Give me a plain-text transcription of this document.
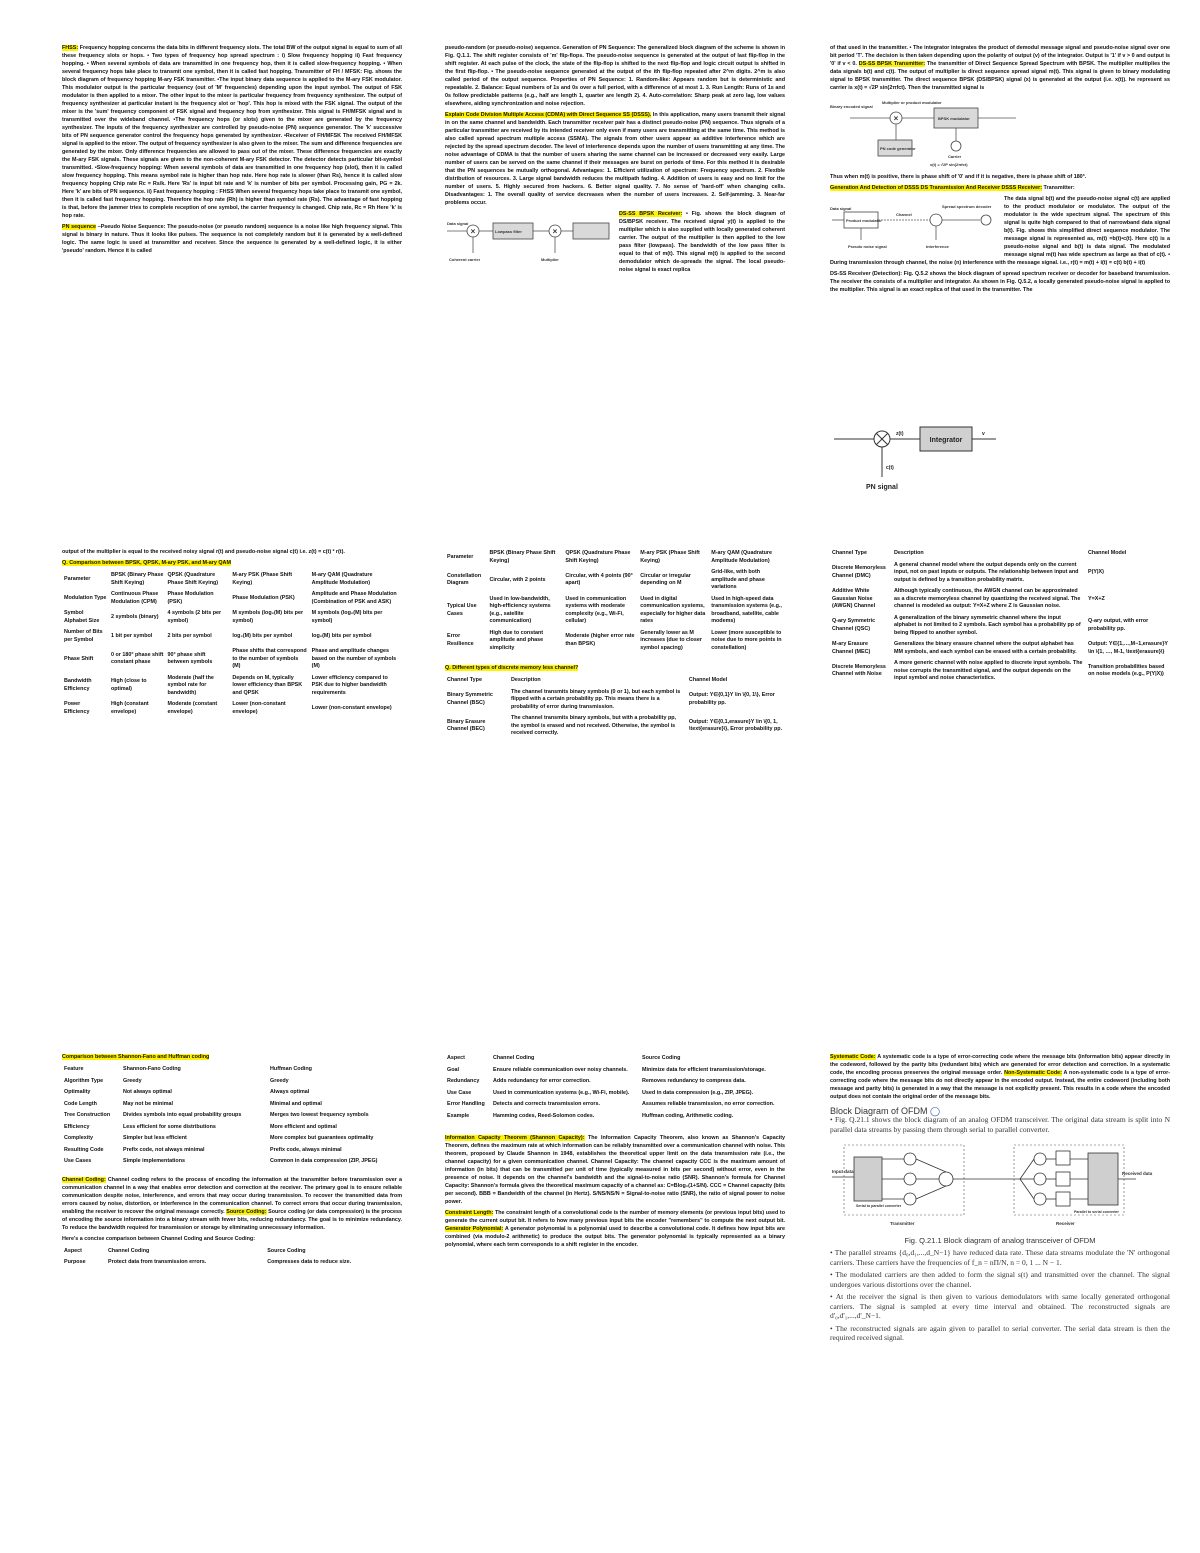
FHSS: Frequency hopping concerns the data bits in different frequency slots. The total BW of the output signal is equal to sum of all these frequency slots or hops. • Two types of frequency hop spread spectrum : i) Slow frequency hopping ii) Fast frequency hopping. • When several symbols of data are transmitted in one frequency hop, then it is called slow-frequency hopping. • When several frequency hops take place to transmit one symbol, then it is called fast hopping. Transmitter of FH / MFSK: Fig. shows the block diagram of frequency hopping M-ary FSK transmitter. •The input binary data sequence is applied to the M-ary FSK modulator. This modulator output is the particular frequency (out of 'M' frequencies) depending upon the input symbol. The output of FSK modulator is then applied to a mixer. The other input to the mixer is particular frequency from frequency synthesizer. The output of frequency synthesizer at particular instant is the frequency slot or 'hop'. This hop is mixed with the FSK signal. The output of the mixer is the 'sum' frequency component of FSK signal and frequency hop from synthesizer. This signal is FH/MFSK signal and is transmitted over the wideband channel. •The frequency hops (or slots) given to the mixer are generated by the frequency synthesizer. The inputs of the frequency synthesizer are controlled by pseudo-noise (PN) sequence generator. The 'k' successive bits of PN sequence generator control the frequency hops generated by synthesizer. •Receiver of FH/MFSK The received FH/MFSK signal is applied to the mixer. The output of frequency synthesizer is also given to the mixer. The sum and difference frequencies are generated by the mixer. Only difference frequencies are allowed to pass out of the mixer. These difference frequencies are exactly the M-ary FSK signals. These signals are given to the non-coherent M-ary FSK detector. The detector detects particular bit-symbol transmitted. •Slow-frequency hopping: When several symbols of data are transmitted in one frequency hop (slot), then it is called slow frequency hopping. This means symbol rate is higher than hop rate. Here hop rate is slower (than Rs), hence it is called slow frequency hopping Chip rate Rc = Rs/k. Here 'Rs' is input bit rate and 'k' is number of bits per symbol. Processing gain, PG = 2k. Here 'k' are bits of PN sequence. ii) Fast frequency hopping : FHSS When several frequency hops take place to transmit one symbol, then it is called fast frequency hopping. Therefore the hop rate (Rh) is higher than symbol rate (Rs). The advantage of fast hopping is that, before the jammer tries to complete reception of one symbol, the carrier frequency is changed. Chip rate, Rc = Rh Here 'k' is hop rate.

PN sequence –Pseudo Noise Sequence: The pseudo-noise (or pseudo random) sequence is a noise like high frequency signal. This signal is binary in nature. Thus it looks like pulses. The sequence is not completely random but it is generated by a well-defined logic. The same logic is used at transmitter and receiver. Since the sequence is generated by a well-defined logic, it is either 'pseudo' random. Hence it is called

pseudo-random (or pseudo-noise) sequence. Generation of PN Sequence: The generalized block diagram of the scheme is shown in Fig. Q.1.1. The shift register consists of 'm' flip-flops. The pseudo-noise sequence is generated at the output of last flip-flop in the shift register. At each pulse of the clock, the state of the flip-flop is shifted to the next flip-flop and logic circuit output is shifted in the first flip-flop. • The pseudo-noise sequence generated at the output of the ith flip-flop repeated after 2^m digits. 2^m is also called period of the output sequence. Properties of PN Sequence: 1. Random-like: Appears random but is deterministic and repeatable. 2. Balance: Equal numbers of 1s and 0s over a full period, with a difference of at most 1. 3. Run Length: Runs of 1s and 0s follow predictable patterns (e.g., half are length 1, quarter are length 2). 4. Auto-correlation: Sharp peak at zero lag, low values elsewhere, aiding synchronization and noise rejection.

Explain Code Division Multiple Access (CDMA) with Direct Sequence SS (DSSS). In this application, many users transmit their signal in on the same channel and bandwidth. Each transmitter receiver pair has a distinct pseudo-noise (PN) sequence. Thus signals of a particular transmitter are received by its intended receiver only even if many users are transmitting at the same time. This method is also called spread spectrum multiple access (SSMA). The signals from other users appear as additive interference which are rejected by the spread spectrum decoder. The level of interference depends upon the number of users transmitting at any time. The noise advantage of CDMA is that the number of users sharing the same channel can be increased or decreased very easily. Large number of users can be served on the same channel if their messages are burst on periods of time. For this method it is desirable that the PN sequences be mutually orthogonal. Advantages: 1. Efficient utilization of spectrum: Frequency spectrum. 2. Flexible distribution of resources. 3. Large signal bandwidth reduces the multipath fading. 4. Addition of users is easy and no limit for the number of users. 5. Highly secured from hackers. 6. Better signal quality. 7. No sense of 'hard-off' when changing cells. Disadvantages: 1. The overall quality of service decreases when the number of users increases. 2. Self-jamming. 3. Near-far problems occur.

×	×
Data signal
Coherent carrier
Lowpass filter
Multiplier

DS-SS BPSK Receiver: • Fig. shows the block diagram of DS/BPSK receiver. The received signal y(t) is applied to the multiplier which is also supplied with locally generated coherent carrier. The output of the multiplier is then applied to the low pass filter (lowpass). The bandwidth of the low pass filter is equal to that of m(t). This signal m(t) is applied to the second demodulator which de-spreads the signal. The local pseudo-noise signal is exact replica

of that used in the transmitter. • The integrator integrates the product of demodul message signal and pseudo-noise signal over one bit period 'T'. The decision is then taken depending upon the polarity of output (v) of the integrator. Output is '1' if v > 0 and output is '0' if v < 0. DS-SS BPSK Transmitter: The transmitter of Direct Sequence Spread Spectrum with BPSK. The multiplier multiplies the data signals b(t) and c(t). The output of multiplier is direct sequence spread signal m(t). This signal is given to binary modulating signal to BPSK transmitter. The direct sequence BPSK (DS/BPSK) signal (x) is generated at the output (i.e. x(t)). he represent ss carrier is x(t) = √2P sin(2πfct). Then the transmitted signal is

×
Binary encoded signal
Multiplier or product modulator
BPSK modulator
PN code generator
Carrier
x(t) = √2P sin(2πfct)

Thus when m(t) is positive, there is phase shift of '0' and if it is negative, there is phase shift of 180°.

Generation And Detection of DSSS DS Transmission And Receiver DSSS Receiver: Transmitter:

Data signal
Product modulator
Pseudo noise signal
Channel
Interference
Spread spectrum decoder

The data signal b(t) and the pseudo-noise signal c(t) are applied to the product modulator or modulator. The output of the modulator is the wide spectrum signal. The spectrum of this signal is quite high compared to that of narrowband data signal b(t). Fig. shows this simplified direct sequence modulator. The message signal is represented as, m(t) =b(t)•c(t). Here c(t) is a pseudo-noise signal and b(t) is data signal. The modulated message signal m(t) has wide spectrum as large as that of c(t). • During transmission through channel, the noise (n) interference with the message signal. i.e., r(t) = m(t) + i(t) = c(t) b(t) + i(t)

DS-SS Receiver (Detection): Fig. Q.5.2 shows the block diagram of spread spectrum receiver or decoder for baseband transmission. The receiver the consists of a multiplier and integrator. As shown in Fig. Q.5.2, a locally generated pseudo-noise signal is applied to the multiplier. This signal is an exact replica of that used in the transmitter. The

Integrator
z(t)	v
c(t)
PN signal

output of the multiplier is equal to the received noisy signal r(t) and pseudo-noise signal c(t) i.e. z(t) = c(t) ² r(t).

Q. Comparison between BPSK, QPSK, M-ary PSK, and M-ary QAM

Parameter	BPSK (Binary Phase Shift Keying)	QPSK (Quadrature Phase Shift Keying)	M-ary PSK (Phase Shift Keying)	M-ary QAM (Quadrature Amplitude Modulation)
Modulation Type	Continuous Phase Modulation (CPM)	Phase Modulation (PSK)	Phase Modulation (PSK)	Amplitude and Phase Modulation (Combination of PSK and ASK)
Symbol Alphabet Size	2 symbols (binary)	4 symbols (2 bits per symbol)	M symbols (log₂(M) bits per symbol)	M symbols (log₂(M) bits per symbol)
Number of Bits per Symbol	1 bit per symbol	2 bits per symbol	log₂(M) bits per symbol	log₂(M) bits per symbol
Phase Shift	0 or 180° phase shift constant phase	90° phase shift between symbols	Phase shifts that correspond to the number of symbols (M)	Phase and amplitude changes based on the number of symbols (M)
Bandwidth Efficiency	High (close to optimal)	Moderate (half the symbol rate for bandwidth)	Depends on M, typically lower efficiency than BPSK and QPSK	Lower efficiency compared to PSK due to higher bandwidth requirements
Power Efficiency	High (constant envelope)	Moderate (constant envelope)	Lower (non-constant envelope)	Lower (non-constant envelope)
Parameter	BPSK (Binary Phase Shift Keying)	QPSK (Quadrature Phase Shift Keying)	M-ary PSK (Phase Shift Keying)	M-ary QAM (Quadrature Amplitude Modulation)
Constellation Diagram	Circular, with 2 points	Circular, with 4 points (90° apart)	Circular or irregular depending on M	Grid-like, with both amplitude and phase variations
Typical Use Cases	Used in low-bandwidth, high-efficiency systems (e.g., satellite communication)	Used in communication systems with moderate complexity (e.g., Wi-Fi, cellular)	Used in digital communication systems, especially for higher data rates	Used in high-speed data transmission systems (e.g., broadband, satellite, cable modems)
Error Resilience	High due to constant amplitude and phase simplicity	Moderate (higher error rate than BPSK)	Generally lower as M increases (due to closer symbol spacing)	Lower (more susceptible to noise due to more points in constellation)

Q. Different types of discrete memory less channel?

Channel Type	Description	Channel Model
Binary Symmetric Channel (BSC)	The channel transmits binary symbols (0 or 1), but each symbol is flipped with a certain probability pp. This means there is a probability of error during transmission.	Output: Y∈{0,1}Y \in \{0, 1\}, Error probability pp.
Binary Erasure Channel (BEC)	The channel transmits binary symbols, but with a probability pp, the symbol is erased and not received. Otherwise, the symbol is received correctly.	Output: Y∈{0,1,erasure}Y \in \{0, 1, \text{erasure}\}, Error probability pp.
Channel Type	Description	Channel Model
Discrete Memoryless Channel (DMC)	A general channel model where the output depends only on the current input, not on past inputs or outputs. The relationship between input and output is defined by a transition probability matrix.	P(Y|X)
Additive White Gaussian Noise (AWGN) Channel	Although typically continuous, the AWGN channel can be approximated as a discrete memoryless channel by quantizing the received signal. The channel is modeled as output: Y=X+Z where Z is Gaussian noise.	Y=X+Z
Q-ary Symmetric Channel (QSC)	A generalization of the binary symmetric channel where the input alphabet is not limited to 2 symbols. Each symbol has a probability pp of being flipped to another symbol.	Q-ary output, with error probability pp.
M-ary Erasure Channel (MEC)	Generalizes the binary erasure channel where the output alphabet has MM symbols, and each symbol can be erased with a certain probability.	Output: Y∈{1,…,M−1,erasure}Y \in \{1, …, M-1, \text{erasure}\}
Discrete Memoryless Channel with Noise	A more generic channel with noise applied to discrete input symbols. The noise corrupts the transmitted signal, and the output depends on the input symbol and noise characteristics.	Transition probabilities based on noise models (e.g., P(Y|X))

Comparison between Shannon-Fano and Huffman coding

Feature	Shannon-Fano Coding	Huffman Coding
Algorithm Type	Greedy	Greedy
Optimality	Not always optimal	Always optimal
Code Length	May not be minimal	Minimal and optimal
Tree Construction	Divides symbols into equal probability groups	Merges two lowest frequency symbols
Efficiency	Less efficient for some distributions	More efficient and optimal
Complexity	Simpler but less efficient	More complex but guarantees optimality
Resulting Code	Prefix code, not always minimal	Prefix code, always minimal
Use Cases	Simple implementations	Common in data compression (ZIP, JPEG)

Channel Coding: Channel coding refers to the process of encoding the information at the transmitter before transmission over a communication channel in a way that enables error detection and correction at the receiver. The primary goal is to ensure reliable communication despite noise, interference, and errors that may occur during transmission. To recover the transmitted data from errors caused by noise, distortion, or interference in the communication channel. To correct errors that occur during transmission, enabling the receiver to recover the original message correctly. Source Coding: Source coding (or data compression) is the process of encoding the source information into a binary stream with fewer bits, reducing redundancy. The goal is to minimize redundancy. To reduce the bandwidth required for transmission or storage by eliminating unnecessary information.

Here's a concise comparison between Channel Coding and Source Coding:

Aspect	Channel Coding	Source Coding
Purpose	Protect data from transmission errors.	Compresses data to reduce size.
Aspect	Channel Coding	Source Coding
Goal	Ensure reliable communication over noisy channels.	Minimize data for efficient transmission/storage.
Redundancy	Adds redundancy for error correction.	Removes redundancy to compress data.
Use Case	Used in communication systems (e.g., Wi-Fi, mobile).	Used in data compression (e.g., ZIP, JPEG).
Error Handling	Detects and corrects transmission errors.	Assumes reliable transmission, no error correction.
Example	Hamming codes, Reed-Solomon codes.	Huffman coding, Arithmetic coding.

Information Capacity Theorem (Shannon Capacity): The Information Capacity Theorem, also known as Shannon's Capacity Theorem, defines the maximum rate at which information can be reliably transmitted over a communication channel with noise. This theorem, proposed by Claude Shannon in 1948, establishes the theoretical upper limit on the data transmission rate (i.e., the channel capacity) for a given communication channel. Channel Capacity: The channel capacity CCC is the maximum amount of information (in bits) that can be transmitted per unit of time (typically measured in bits per second) without error, even in the presence of noise. It depends on the channel's bandwidth and the signal-to-noise ratio (SNR). Shannon's formula for Channel Capacity: Shannon's formula gives the theoretical maximum capacity of a channel as: C=Blog₂(1+S/N). CCC = Channel capacity (bits per second). BBB = Bandwidth of the channel (in Hertz). S/NS/NS/N = Signal-to-noise ratio (SNR), the ratio of signal power to noise power.

Constraint Length: The constraint length of a convolutional code is the number of memory elements (or previous input bits) used to generate the current output bit. It refers to how many previous input bits the encoder "remembers" to compute the next output bit. Generator Polynomial: A generator polynomial is a polynomial used to describe a convolutional code. It defines how input bits are combined (via modulo-2 arithmetic) to produce the output bits. The generator polynomial is typically represented as a binary polynomial, where each term corresponds to a shift register in the encoder.

Systematic Code: A systematic code is a type of error-correcting code where the message bits (information bits) appear directly in the codeword, followed by the parity bits (redundant bits) which are generated for error detection and correction. In a systematic code, the encoding process preserves the original message order. Non-Systematic Code: A non-systematic code is a type of error-correcting code where the message bits do not directly appear in the encoded output. Instead, the entire codeword (including both message and parity bits) is generated in a way that the message is not explicitly present. This results in a code where the encoded output does not contain the original order of the message bits.

Block Diagram of OFDM ◯

• Fig. Q.21.1 shows the block diagram of an analog OFDM transceiver. The original data stream is split into N parallel data streams by passing them through serial to parallel converter.

Input data
Serial to parallel converter
Parallel to serial converter
Received data
Transmitter	Receiver
Fig. Q.21.1 Block diagram of analog transceiver of OFDM

• The parallel streams {d₀,d₁,...,d_N−1} have reduced data rate. These data streams modulate the 'N' orthogonal carriers. These carriers have the frequencies of f_n = nΠ/N, n = 0, 1 ... N − 1.

• The modulated carriers are then added to form the signal s(t) and transmitted over the channel. The signal undergoes various distortions over the channel.

• At the receiver the signal is then given to various demodulators with same locally generated orthogonal carriers. The signal is sampled at every time interval and obtained. The reconstructed signals are d'₀,d'₁,...,d'_N−1.

• The reconstructed signals are again given to parallel to serial converter. The serial data stream is then the required received signal.
